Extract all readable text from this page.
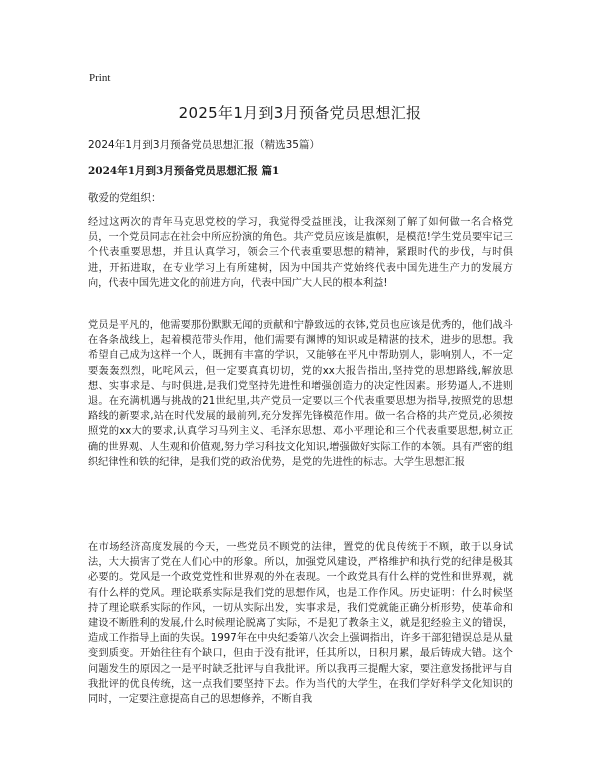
Print
2025年1月到3月预备党员思想汇报

2024年1月到3月预备党员思想汇报（精选35篇）

2024年1月到3月预备党员思想汇报 篇1

敬爱的党组织：

经过这两次的青年马克思党校的学习，我觉得受益匪浅，让我深刻了解了如何做一名合格党员，一个党员同志在社会中所应扮演的角色。共产党员应该是旗帜，是模范!学生党员要牢记三个代表重要思想，并且认真学习，领会三个代表重要思想的精神，紧跟时代的步伐，与时俱进，开拓进取，在专业学习上有所建树，因为中国共产党始终代表中国先进生产力的发展方向，代表中国先进文化的前进方向，代表中国广大人民的根本利益!

党员是平凡的，他需要那份默默无闻的贡献和宁静致远的衣钵,党员也应该是优秀的，他们战斗在各条战线上，起着模范带头作用，他们需要有渊博的知识或是精湛的技术，进步的思想。我希望自己成为这样一个人，既拥有丰富的学识，又能够在平凡中帮助别人，影响别人，不一定要轰轰烈烈，叱咤风云，但一定要真真切切，党的xx大报告指出,坚持党的思想路线,解放思想、实事求是、与时俱进,是我们党坚持先进性和增强创造力的决定性因素。形势逼人,不进则退。在充满机遇与挑战的21世纪里,共产党员一定要以三个代表重要思想为指导,按照党的思想路线的新要求,站在时代发展的最前列,充分发挥先锋模范作用。做一名合格的共产党员,必须按照党的xx大的要求,认真学习马列主义、毛泽东思想、邓小平理论和三个代表重要思想,树立正确的世界观、人生观和价值观,努力学习科技文化知识,增强做好实际工作的本领。具有严密的组织纪律性和铁的纪律，是我们党的政治优势，是党的先进性的标志。大学生思想汇报

在市场经济高度发展的今天，一些党员不顾党的法律，置党的优良传统于不顾，敢于以身试法，大大损害了党在人们心中的形象。所以，加强党风建设，严格维护和执行党的纪律是极其必要的。党风是一个政党党性和世界观的外在表现。一个政党具有什么样的党性和世界观，就有什么样的党风。理论联系实际是我们党的思想作风，也是工作作风。历史证明：什么时候坚持了理论联系实际的作风，一切从实际出发，实事求是，我们党就能正确分析形势，使革命和建设不断胜利的发展,什么时候理论脱离了实际，不是犯了教条主义，就是犯经验主义的错误，造成工作指导上面的失误。1997年在中央纪委第八次会上强调指出，许多干部犯错误总是从量变到质变。开始往往有个缺口，但由于没有批评，任其所以，日积月累，最后铸成大错。这个问题发生的原因之一是平时缺乏批评与自我批评。所以我再三提醒大家，要注意发扬批评与自我批评的优良传统，这一点我们要坚持下去。作为当代的大学生，在我们学好科学文化知识的同时，一定要注意提高自己的思想修养，不断自我
